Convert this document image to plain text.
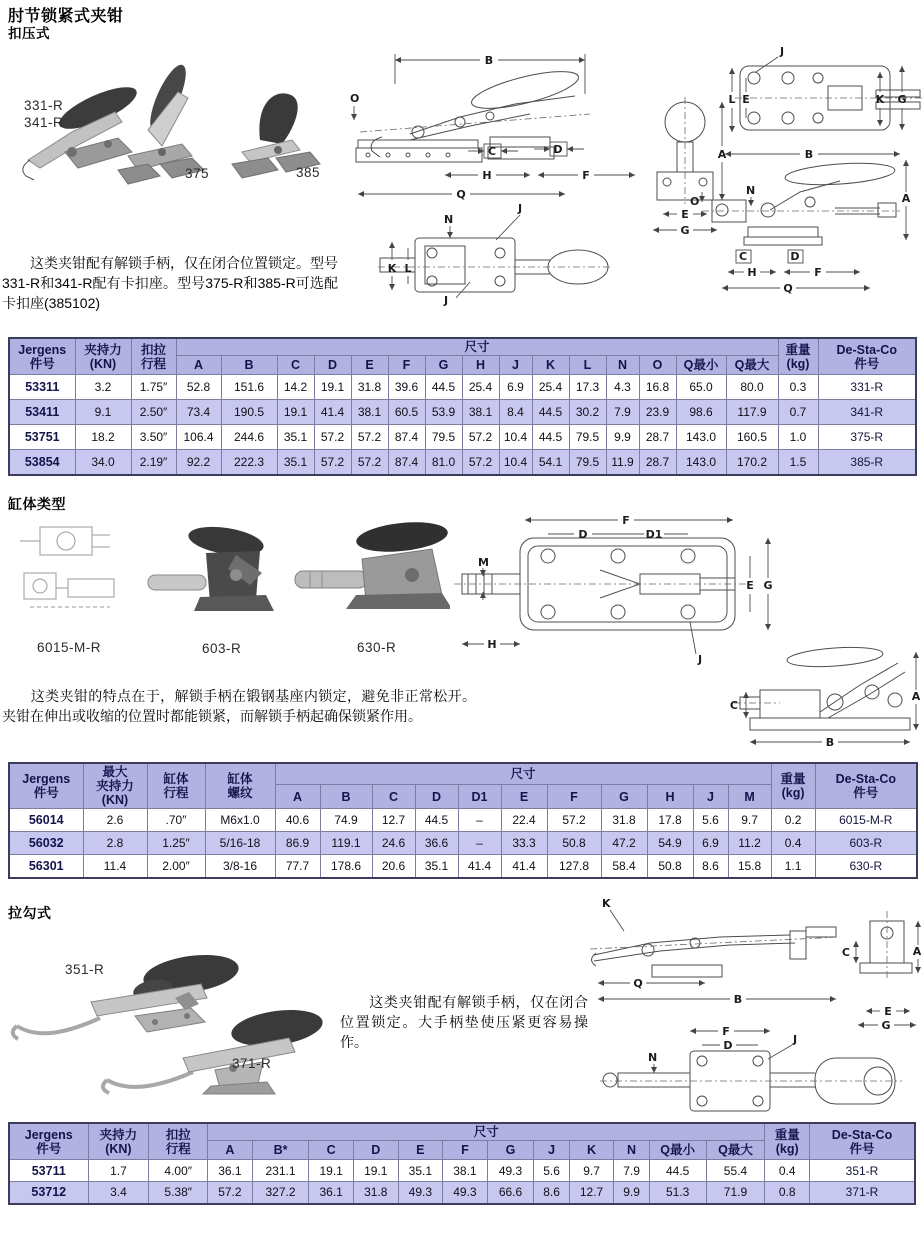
肘节锁紧式夹钳
扣压式
331-R
341-R
375	385
B
O
C	D
H	F
Q
A
E
G
J
L E	K G
B
A
O
N
C	D
H	F
Q
N
J
K L
J
　　这类夹钳配有解锁手柄，仅在闭合位置锁定。型号331-R和341-R配有卡扣座。型号375-R和385-R可选配卡扣座(385102)
Jergens
件号	夹持力
(KN)	扣拉
行程	尺寸															重量
(kg)	De-Sta-Co
件号
			A	B	C	D	E	F	G	H	J	K	L	N	O	Q最小	Q最大		
53311	3.2	1.75″	52.8	151.6	14.2	19.1	31.8	39.6	44.5	25.4	6.9	25.4	17.3	4.3	16.8	65.0	80.0	0.3	331-R
53411	9.1	2.50″	73.4	190.5	19.1	41.4	38.1	60.5	53.9	38.1	8.4	44.5	30.2	7.9	23.9	98.6	117.9	0.7	341-R
53751	18.2	3.50″	106.4	244.6	35.1	57.2	57.2	87.4	79.5	57.2	10.4	44.5	79.5	9.9	28.7	143.0	160.5	1.0	375-R
53854	34.0	2.19″	92.2	222.3	35.1	57.2	57.2	87.4	81.0	57.2	10.4	54.1	79.5	11.9	28.7	143.0	170.2	1.5	385-R
缸体类型
6015-M-R	603-R	630-R
F
D	D1
M
E G
H
J
A
C
B
　　这类夹钳的特点在于，解锁手柄在锻钢基座内锁定，避免非正常松开。夹钳在伸出或收缩的位置时都能锁紧，而解锁手柄起确保锁紧作用。
Jergens
件号	最大
夹持力
(KN)	缸体
行程	缸体
螺纹	尺寸											重量
(kg)	De-Sta-Co
件号
				A	B	C	D	D1	E	F	G	H	J	M		
56014	2.6	.70″	M6x1.0	40.6	74.9	12.7	44.5	–	22.4	57.2	31.8	17.8	5.6	9.7	0.2	6015-M-R
56032	2.8	1.25″	5/16-18	86.9	119.1	24.6	36.6	–	33.3	50.8	47.2	54.9	6.9	11.2	0.4	603-R
56301	11.4	2.00″	3/8-16	77.7	178.6	20.6	35.1	41.4	41.4	127.8	58.4	50.8	8.6	15.8	1.1	630-R
拉勾式
351-R
371-R
　　这类夹钳配有解锁手柄，仅在闭合位置锁定。大手柄垫使压紧更容易操作。
K
Q
B
C	A
E
G
F
D	J
N
Jergens
件号	夹持力
(KN)	扣拉
行程	尺寸												重量
(kg)	De-Sta-Co
件号
			A	B*	C	D	E	F	G	J	K	N	Q最小	Q最大		
53711	1.7	4.00″	36.1	231.1	19.1	19.1	35.1	38.1	49.3	5.6	9.7	7.9	44.5	55.4	0.4	351-R
53712	3.4	5.38″	57.2	327.2	36.1	31.8	49.3	49.3	66.6	8.6	12.7	9.9	51.3	71.9	0.8	371-R
